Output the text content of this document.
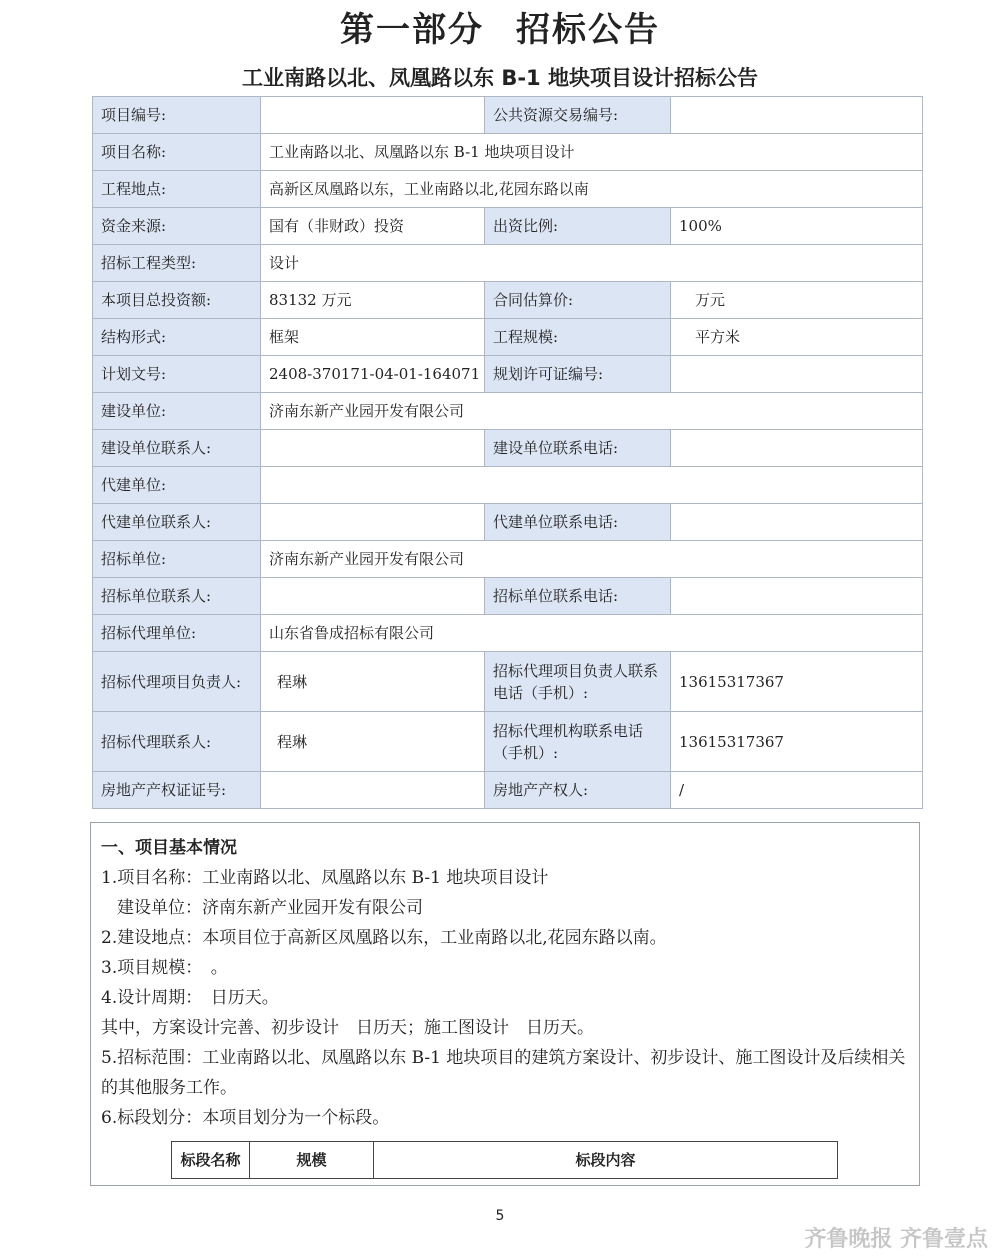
第一部分 招标公告
工业南路以北、凤凰路以东 B-1 地块项目设计招标公告
项目编号:		公共资源交易编号:	
项目名称:	工业南路以北、凤凰路以东 B-1 地块项目设计		
工程地点:	高新区凤凰路以东，工业南路以北,花园东路以南		
资金来源:	国有（非财政）投资	出资比例:	100%
招标工程类型:	设计		
本项目总投资额:	83132 万元	合同估算价:	万元
结构形式:	框架	工程规模:	平方米
计划文号:	2408-370171-04-01-164071	规划许可证编号:	
建设单位:	济南东新产业园开发有限公司		
建设单位联系人:		建设单位联系电话:	
代建单位:			
代建单位联系人:		代建单位联系电话:	
招标单位:	济南东新产业园开发有限公司		
招标单位联系人:		招标单位联系电话:	
招标代理单位:	山东省鲁成招标有限公司		
招标代理项目负责人:	程琳	招标代理项目负责人联系电话（手机）:	13615317367
招标代理联系人:	程琳	招标代理机构联系电话（手机）:	13615317367
房地产产权证证号:		房地产产权人:	/

一、项目基本情况

1.项目名称：工业南路以北、凤凰路以东 B-1 地块项目设计

建设单位：济南东新产业园开发有限公司

2.建设地点：本项目位于高新区凤凰路以东，工业南路以北,花园东路以南。

3.项目规模：　。

4.设计周期：　日历天。

其中，方案设计完善、初步设计　日历天；施工图设计　日历天。

5.招标范围：工业南路以北、凤凰路以东 B-1 地块项目的建筑方案设计、初步设计、施工图设计及后续相关的其他服务工作。

6.标段划分：本项目划分为一个标段。

标段名称	规模	标段内容
5
齐鲁晚报 齐鲁壹点
